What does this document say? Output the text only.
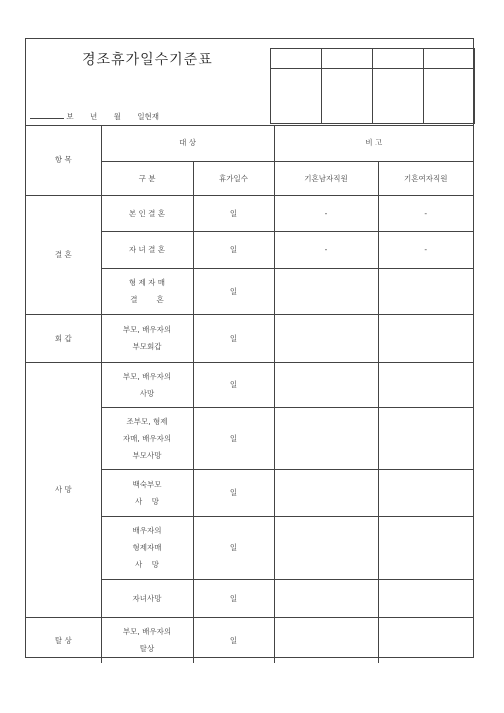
경조휴가일수기준표

보 년 월 일현재
항 목	대 상		비 고	
	구 분	휴가일수	기혼남자직원	기혼여자직원
결 혼	본 인 결 혼	일	-	-

	자 녀 결 혼	일	-	-

	형 제 자 매
결        혼	일		
회 갑	부모, 배우자의
부모회갑	일		
사 망	부모, 배우자의
사망	일		

	조부모, 형제
자매, 배우자의
부모사망	일		

	백숙부모
사    망	일		

	배우자의
형제자매
사    망	일		

	자녀사망	일		
탈 상	부모, 배우자의
탈상	일		
